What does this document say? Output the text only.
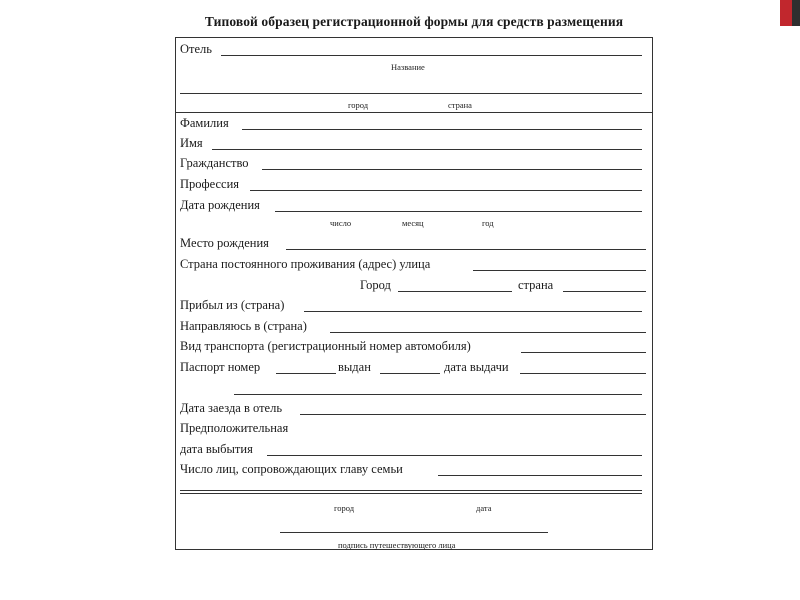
Типовой образец регистрационной формы для средств размещения
Отель
Название
город	страна
Фамилия
Имя
Гражданство
Профессия
Дата рождения
число	месяц	год
Место рождения
Страна постоянного проживания (адрес) улица
Город	страна
Прибыл из (страна)
Направляюсь в (страна)
Вид транспорта (регистрационный номер автомобиля)
Паспорт номер	выдан	дата выдачи
Дата заезда в отель
Предположительная
дата выбытия
Число лиц, сопровождающих главу семьи
город	дата
подпись путешествующего лица
